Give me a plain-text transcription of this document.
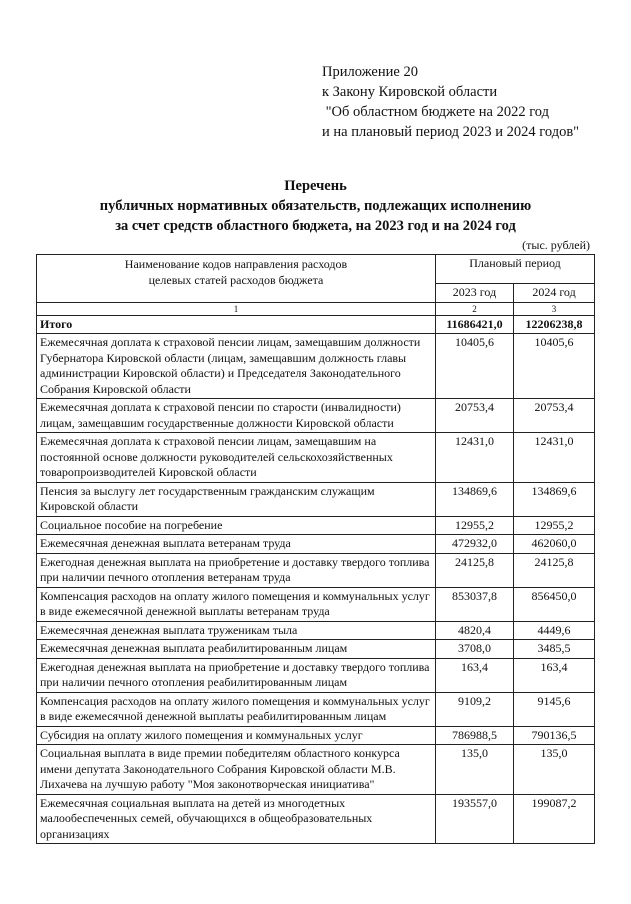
Приложение 20
к Закону Кировской области
"Об областном бюджете на 2022 год
и на плановый период 2023 и 2024 годов"
Перечень
публичных нормативных обязательств, подлежащих исполнению
за счет средств областного бюджета, на 2023 год и на 2024 год
(тыс. рублей)
Наименование кодов направления расходов
целевых статей расходов бюджета	Плановый период	
	2023 год	2024 год
1	2	3
Итого	11686421,0	12206238,8
Ежемесячная доплата к страховой пенсии лицам, замещавшим должности Губернатора Кировской области (лицам, замещавшим должность главы администрации Кировской области) и Председателя Законодательного Собрания Кировской области	10405,6	10405,6
Ежемесячная доплата к страховой пенсии по старости (инвалидности) лицам, замещавшим государственные должности Кировской области	20753,4	20753,4
Ежемесячная доплата к страховой пенсии лицам, замещавшим на постоянной основе должности руководителей сельскохозяйственных товаропроизводителей Кировской области	12431,0	12431,0
Пенсия за выслугу лет государственным гражданским служащим Кировской области	134869,6	134869,6
Социальное пособие на погребение	12955,2	12955,2
Ежемесячная денежная выплата ветеранам труда	472932,0	462060,0
Ежегодная денежная выплата на приобретение и доставку твердого топлива при наличии печного отопления ветеранам труда	24125,8	24125,8
Компенсация расходов на оплату жилого помещения и коммунальных услуг в виде ежемесячной денежной выплаты ветеранам труда	853037,8	856450,0
Ежемесячная денежная выплата труженикам тыла	4820,4	4449,6
Ежемесячная денежная выплата реабилитированным лицам	3708,0	3485,5
Ежегодная денежная выплата на приобретение и доставку твердого топлива при наличии печного отопления реабилитированным лицам	163,4	163,4
Компенсация расходов на оплату жилого помещения и коммунальных услуг в виде ежемесячной денежной выплаты реабилитированным лицам	9109,2	9145,6
Субсидия на оплату жилого помещения и коммунальных услуг	786988,5	790136,5
Социальная выплата в виде премии победителям областного конкурса имени депутата Законодательного Собрания Кировской области М.В. Лихачева на лучшую работу "Моя законотворческая инициатива"	135,0	135,0
Ежемесячная социальная выплата на детей из многодетных малообеспеченных семей, обучающихся в общеобразовательных организациях	193557,0	199087,2
